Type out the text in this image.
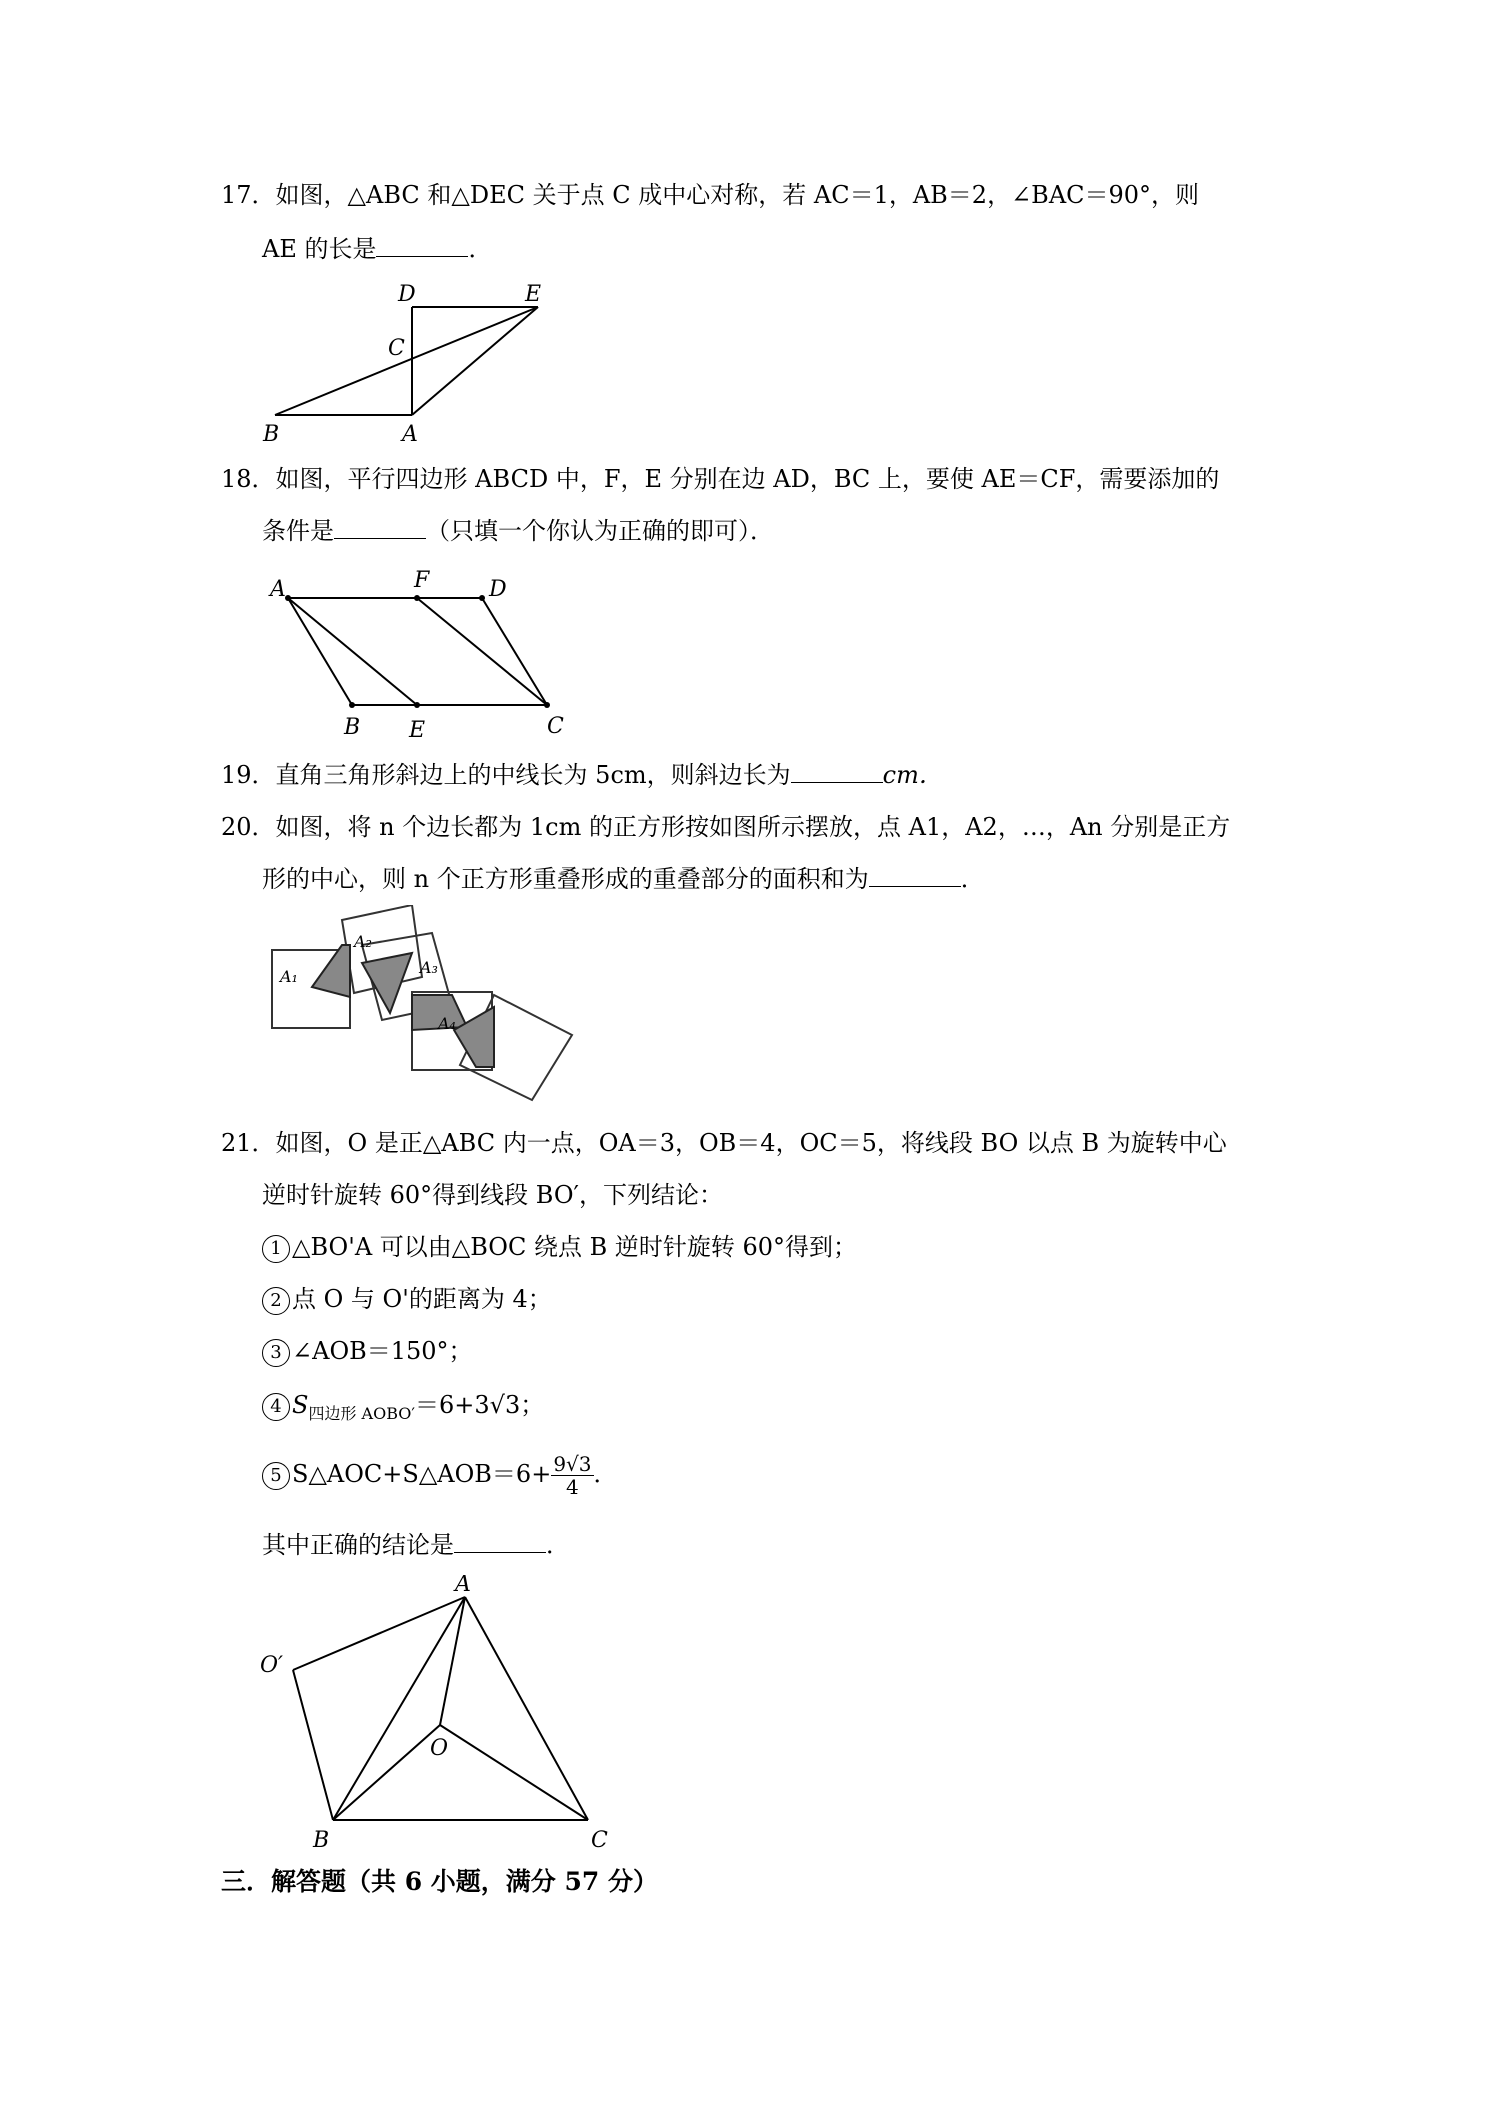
17．如图，△ABC 和△DEC 关于点 C 成中心对称，若 AC＝1，AB＝2，∠BAC＝90°，则
AE 的长是	．
D	E
C
B	A
18．如图，平行四边形 ABCD 中，F，E 分别在边 AD，BC 上，要使 AE＝CF，需要添加的
条件是	（只填一个你认为正确的即可）．
A	F	D
B E	C
19．直角三角形斜边上的中线长为 5cm，则斜边长为	cm．
20．如图，将 n 个边长都为 1cm 的正方形按如图所示摆放，点 A1，A2，…，An 分别是正方
形的中心，则 n 个正方形重叠形成的重叠部分的面积和为	．
A₁
A₂
A₃
A₄
21．如图，O 是正△ABC 内一点，OA＝3，OB＝4，OC＝5，将线段 BO 以点 B 为旋转中心
逆时针旋转 60°得到线段 BO′，下列结论：
1 △BO'A 可以由△BOC 绕点 B 逆时针旋转 60°得到；
2 点 O 与 O'的距离为 4；
3 ∠AOB＝150°；
4 $S_{四边形 AOBO'}=6+3√3$；
5 S△AOC+S△AOB＝6+ $\frac{9√3}{4}$ ．
其中正确的结论是	．
A
O′
O
B	C
三．解答题（共 6 小题，满分 57 分）
